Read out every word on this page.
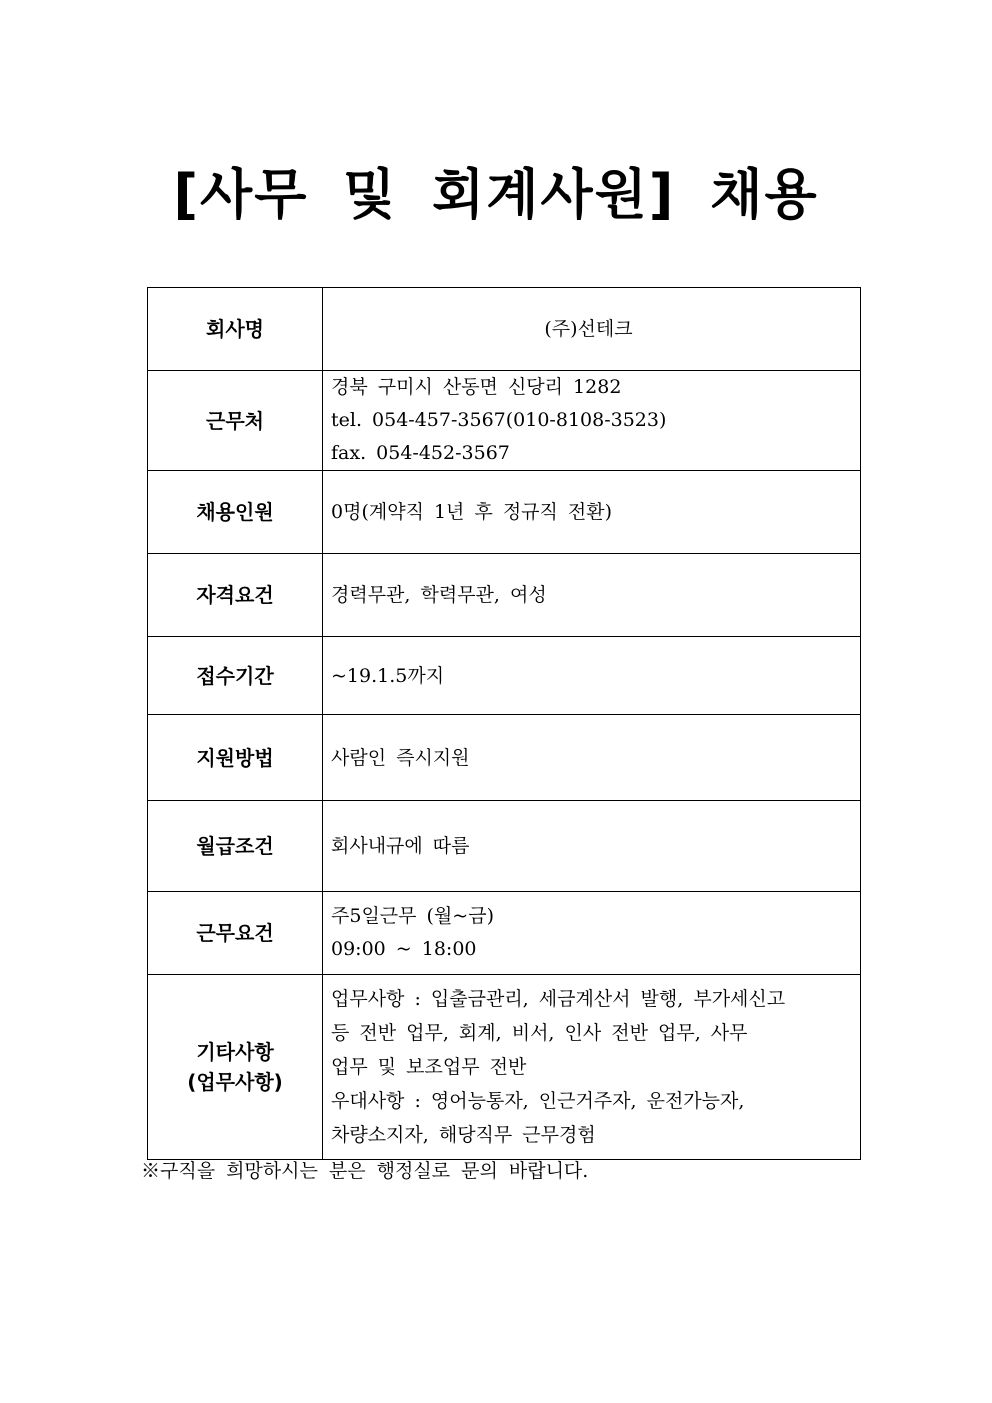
[사무 및 회계사원] 채용
회사명	(주)선테크
근무처	경북 구미시 산동면 신당리 1282
tel. 054-457-3567(010-8108-3523)
fax. 054-452-3567

채용인원	0명(계약직 1년 후 정규직 전환)
자격요건	경력무관, 학력무관, 여성
접수기간	~19.1.5까지
지원방법	사람인 즉시지원
월급조건	회사내규에 따름
근무요건	주5일근무 (월~금)
09:00 ~ 18:00

기타사항
(업무사항)	업무사항 : 입출금관리, 세금계산서 발행, 부가세신고
등 전반 업무, 회계, 비서, 인사 전반 업무, 사무
업무 및 보조업무 전반
우대사항 : 영어능통자, 인근거주자, 운전가능자,
차량소지자, 해당직무 근무경험
※구직을 희망하시는 분은 행정실로 문의 바랍니다.
